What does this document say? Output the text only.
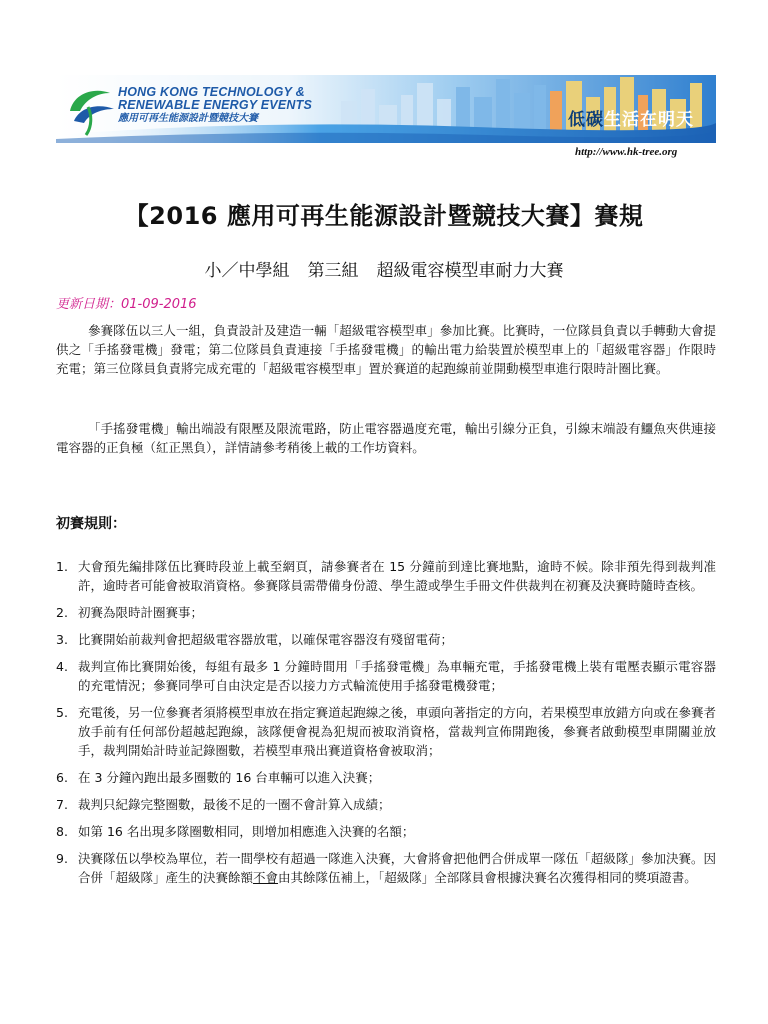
HONG KONG TECHNOLOGY &
RENEWABLE ENERGY EVENTS
應用可再生能源設計暨競技大賽	低碳生活在明天
http://www.hk-tree.org
【2016 應用可再生能源設計暨競技大賽】賽規
小／中學組 第三組 超級電容模型車耐力大賽
更新日期：01-09-2016
參賽隊伍以三人一組，負責設計及建造一輛「超級電容模型車」參加比賽。比賽時，一位隊員負責以手轉動大會提供之「手搖發電機」發電；第二位隊員負責連接「手搖發電機」的輸出電力給裝置於模型車上的「超級電容器」作限時充電；第三位隊員負責將完成充電的「超級電容模型車」置於賽道的起跑線前並開動模型車進行限時計圈比賽。
「手搖發電機」輸出端設有限壓及限流電路，防止電容器過度充電，輸出引線分正負，引線末端設有鱷魚夾供連接電容器的正負極（紅正黑負），詳情請參考稍後上載的工作坊資料。
初賽規則：
1. 大會預先編排隊伍比賽時段並上載至網頁，請參賽者在 15 分鐘前到達比賽地點，逾時不候。除非預先得到裁判准許，逾時者可能會被取消資格。參賽隊員需帶備身份證、學生證或學生手冊文件供裁判在初賽及決賽時隨時查核。
2. 初賽為限時計圈賽事；
3. 比賽開始前裁判會把超級電容器放電，以確保電容器沒有殘留電荷；
4. 裁判宣佈比賽開始後，每組有最多 1 分鐘時間用「手搖發電機」為車輛充電，手搖發電機上裝有電壓表顯示電容器的充電情況；參賽同學可自由決定是否以接力方式輪流使用手搖發電機發電；
5. 充電後，另一位參賽者須將模型車放在指定賽道起跑線之後，車頭向著指定的方向，若果模型車放錯方向或在參賽者放手前有任何部份超越起跑線，該隊便會視為犯規而被取消資格，當裁判宣佈開跑後，參賽者啟動模型車開關並放手，裁判開始計時並記錄圈數，若模型車飛出賽道資格會被取消；
6. 在 3 分鐘內跑出最多圈數的 16 台車輛可以進入決賽；
7. 裁判只紀錄完整圈數，最後不足的一圈不會計算入成績；
8. 如第 16 名出現多隊圈數相同，則增加相應進入決賽的名額；
9. 決賽隊伍以學校為單位，若一間學校有超過一隊進入決賽，大會將會把他們合併成單一隊伍「超級隊」參加決賽。因合併「超級隊」產生的決賽餘額不會由其餘隊伍補上，「超級隊」全部隊員會根據決賽名次獲得相同的獎項證書。
